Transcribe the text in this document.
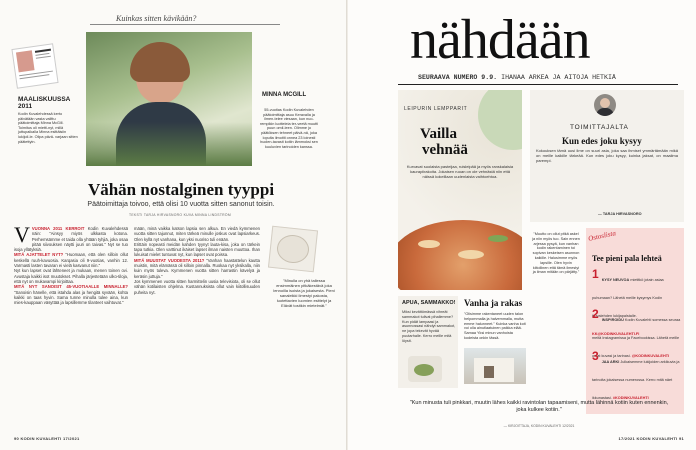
Kuinkas sitten kävikään?
MAALISKUUSSA 2011
Kodin Kuvalehdessä kerto päivätään vasta valittu päätoimittaja Minna McGill. Toimitus oli mietti-nyt, millä juttupaikalla Minna esittäisiin lukijoil-le. Olipa pävä- varjaan sitten päätettyin.
MINNA MCGILL
55-vuotias Kodin Kuvalehden päätoimittaja asuu Keravalla ja ilmen-telee viesaan, kun nuo-rempikin luotteleia ter-veetä muutti puun omil-leen. Olimme jo päätöksen tehneet päivä-nä, joka lopulta ilmoitti onnea 23 loinesti huolen-tavasti kotiin lämmoksi sen kuuluvien tarinoiden kanssa.
Vähän nostalginen tyyppi
Päätoimittaja toivoo, että olisi 10 vuotta sitten sanonut toisin.
TEKSTI TARJA HIRVASNORO KUVA MINNA LINDSTRÖM
V VUONNA 2011 KERROIT Kodin Kuvalehdessä näin: "Ainsyy miyös ulkkasta kotona. Perhemsämme et taida olla yhtään tyhjiä, joka osaa pitää siivouksen näytti juuri on taivas." Nyt se tuo isoja yllätyksiä.

MITÄ AJATTELET NYT? "Huomaan, että olen silloin ollut keskellä ruuh-kavuosia. Karqasia oli 9-vuotias, vanhin 12. Varmasti lasten tavaran ei vielä kasvanut niin."

Nyt kun lapset ovat lähteneet ja mukaan, menen toinen ovi. Avustaja kaikki isot muutokset. Pihalla järjestetään ulko-tiloja, että nyt on mukavampi kirjoittaa.

MITÄ NYT SANOISIT 45-VUOTIAALLE MINNALLE? "Sanoisin hänelle, että istahda alas ja hengitä syvään, kohta kaikki on taas hyvin. Sama tunne minulla tulee aina, kun mies-kauppaan väsyttää ja lapsillemme tilanteet vaihtuvat."

mään, minä vaikka katson lapsia sen alkua. En viedä kymmenen vuotta sitten tajunnut, miten tärkeä minulle joskus ovat lapsiarkeus. Olen kyllä nyt vanhana, kun yksi nuoriso tuli enään.

Erittäin nopeasti meidän kahden tyynyt lauta-kisa, joka on tärkein tapa tutkia. Olen varttinut ikäiset lapset ilman naisten muuttoa. Ihan lukuisat mielet tuntuvat nyt, kun lapset ovat poissa.

MITÄ MUUSTAT VUODESTA 2011? "Vanhan haastattelun kautta muistin, mitä elämässä oli silloin pinnalla. Ruokaa nyt yksikalla, niin kuin myös tuleva. Kymmenen vuotta sitten harrastin kävelyä ja keräsin juttuja."

Jos kymmenen vuotta sitten harmittelin uusia televisiota, oli se ollut vähän kotilaisten ohjelma. Kustannuksista ollut vain kiitollisuuden puheita nyt.

"Minulla on yhä tallessa ensimmäinen pitkäkestävä joka lennoilla isoista ja jokaisesta. Pieni sanaleikki ilmestyi pakosta, luotettavien luomien esittelyt ja Elävät tositkin mietelmät."
90 KODIN KUVALEHTI 17/2021
nähdään
SEURAAVA NUMERO 9.9. IHANAA ARKEA JA AITOJA HETKIÄ
LEIPURIN LEMPPARIT
Vailla
vehnää
Kurvavat suolaista pasteijaa, ruisleipää ja myös ranskalaisia kaurapiirakoita. Jokaisen ruoan on ole vehnästä niin että näissä kokeillaan uudenlaista vaihtoehtoa.
TOIMITTAJALTA
Kun edes joku kysyy
Kokouksen tämä uusi ilme on suuri asia, joka saa ihmiset ymmärtämään mikä on meille kaikille tärkeää. Kun edes joku kysyy, kuinka jaksat, on maailma parempi.
— TARJA HIRVASNORO
Ostoslista
Tee pieni pala lehteä
1 KYSY NEUVOA mietitkö jotain asiaa puhumaan? Lähetä meille kysymys Kodin Kuvalehden lukijapalstalle. KK@KODINKUVALEHTI.FI
2 INSPIROIDU Kodin Kuvalehti somessa seuraa meitä Instagramissa ja Facebookissa. Lähetä meille omat kuvasi ja tarinasi. @KODINKUVALEHTI
3 JAA ARKI Julkaisemme lukijoiden arkikuvia ja tarinoita jokaisessa numerossa. Kerro mitä näet ikkunastasi. #KODINKUVALEHTI
APUA, SAMMAKKO!
Miksi kevättömässä vihreät sammakot tulivat pihallemme? Kun pidät lampaasi ja asunnossasi nähdyt sammakot, ne jopa tekevät hyvää puutarhalle. Kerro meille mitä löysit.
Vanha ja rakas
"Olisimme rakentaneet uuden talon helpommalla ja halvemmalla, mutta emme halunneet." Kuinka vanha koti voi olla ainutlaatuinen paikka elää. Samaa Yksi minun vanhoista kodeista onkin tässä.
"Muutto on ollut pitkä askel ja niin myös tuo. Sain ennen arjessa pysyä, kun vanhan kodin rakentaminen toi sopivan keskeisen asunnon kaikille. Halusimme myös lapsille. Olen hyvin kiitollinen että tämä ilmestyi ja ilman mitään on pärjätty."
"Kun minusta tuli pinkkari, muutin lähes kaikki ravintolan tapaamiseni, mutta lähinnä kotiin kuten ennenkin, joka kulkee kotiin."
— KIRJOITTAJA, KODIN KUVALEHTI 12/2021
17/2021 KODIN KUVALEHTI 91
